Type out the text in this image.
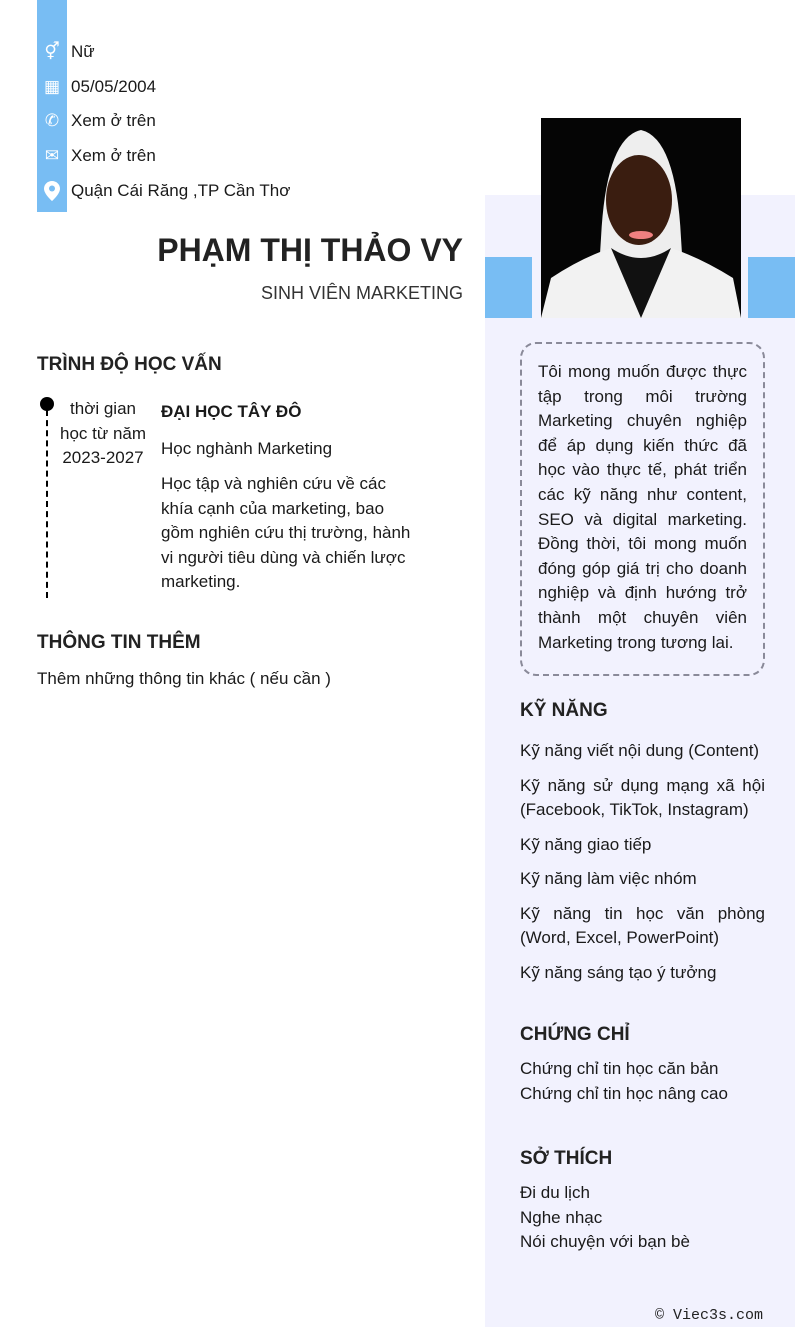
⚥ Nữ
▦ 05/05/2004
✆ Xem ở trên
✉ Xem ở trên
Quận Cái Răng ,TP Cần Thơ
PHẠM THỊ THẢO VY
SINH VIÊN MARKETING
TRÌNH ĐỘ HỌC VẤN
thời gian học từ năm 2023-2027
ĐẠI HỌC TÂY ĐÔ
Học nghành Marketing
Học tập và nghiên cứu về các khía cạnh của marketing, bao gồm nghiên cứu thị trường, hành vi người tiêu dùng và chiến lược marketing.
THÔNG TIN THÊM
Thêm những thông tin khác ( nếu cần )
Tôi mong muốn được thực tập trong môi trường Marketing chuyên nghiệp để áp dụng kiến thức đã học vào thực tế, phát triển các kỹ năng như content, SEO và digital marketing. Đồng thời, tôi mong muốn đóng góp giá trị cho doanh nghiệp và định hướng trở thành một chuyên viên Marketing trong tương lai.
KỸ NĂNG
Kỹ năng viết nội dung (Content)
Kỹ năng sử dụng mạng xã hội (Facebook, TikTok, Instagram)
Kỹ năng giao tiếp
Kỹ năng làm việc nhóm
Kỹ năng tin học văn phòng (Word, Excel, PowerPoint)
Kỹ năng sáng tạo ý tưởng
CHỨNG CHỈ
Chứng chỉ tin học căn bản
Chứng chỉ tin học nâng cao
SỞ THÍCH
Đi du lịch
Nghe nhạc
Nói chuyện với bạn bè
© Viec3s.com
